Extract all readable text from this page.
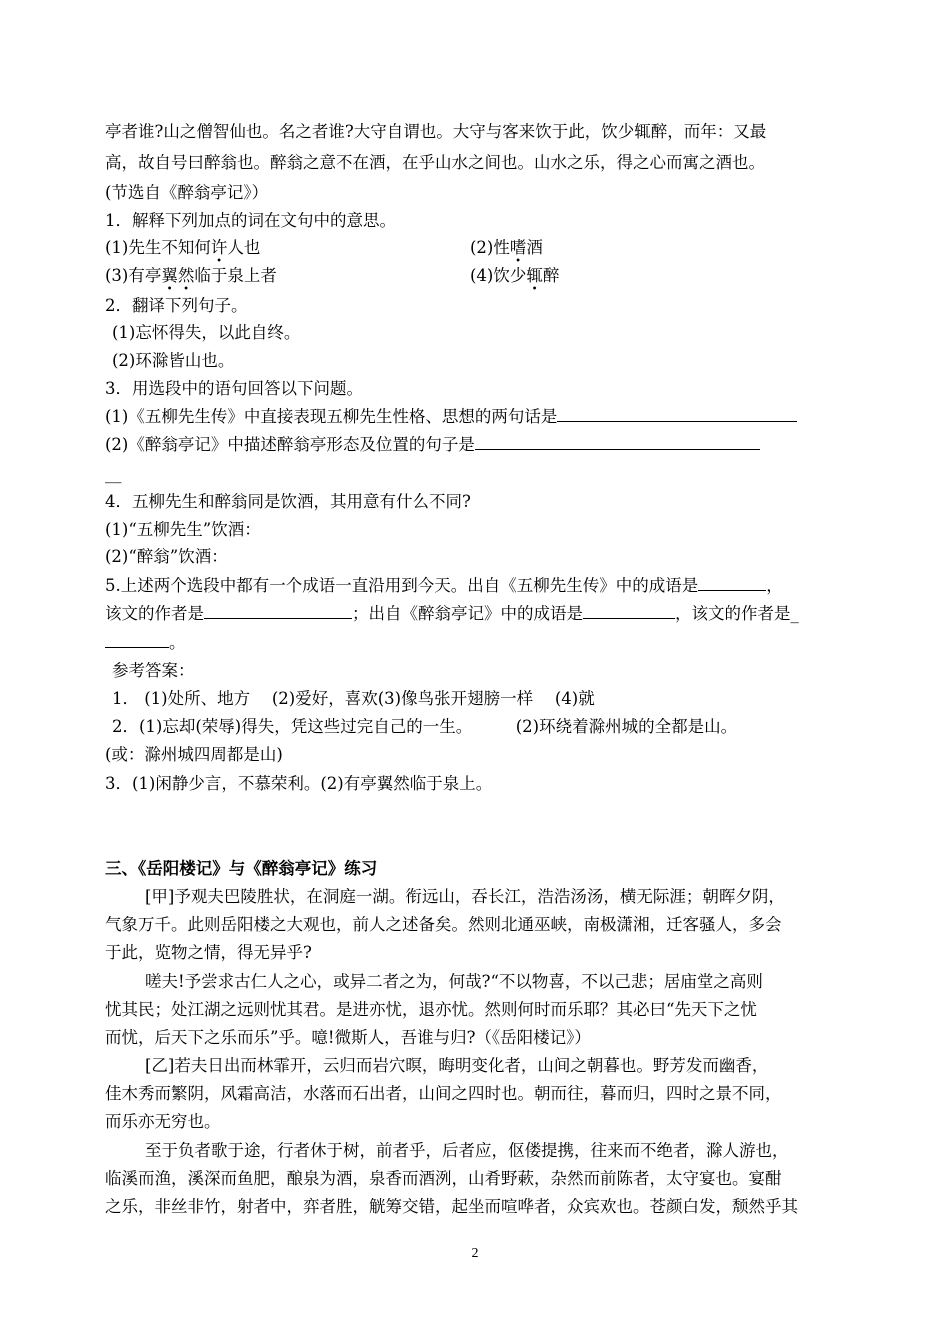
亭者谁?山之僧智仙也。名之者谁?大守自谓也。大守与客来饮于此，饮少辄醉，而年：又最
高，故自号曰醉翁也。醉翁之意不在酒，在乎山水之间也。山水之乐，得之心而寓之酒也。
(节选自《醉翁亭记》）
1．解释下列加点的词在文句中的意思。
(1)先生不知何许人也	(2)性嗜酒
(3)有亭翼然临于泉上者	(4)饮少辄醉
2．翻译下列句子。
(1)忘怀得失，以此自终。
(2)环滁皆山也。
3．用选段中的语句回答以下问题。
(1)《五柳先生传》中直接表现五柳先生性格、思想的两句话是
(2)《醉翁亭记》中描述醉翁亭形态及位置的句子是
__
4．五柳先生和醉翁同是饮酒，其用意有什么不同?
(1)“五柳先生”饮酒：
(2)“醉翁”饮酒：
5.上述两个选段中都有一个成语一直沿用到今天。出自《五柳先生传》中的成语是	，
该文的作者是	；出自《醉翁亭记》中的成语是	，该文的作者是_
。
参考答案：
1． (1)处所、地方 　(2)爱好，喜欢(3)像鸟张开翅膀一样 　(4)就
2．(1)忘却(荣辱)得失，凭这些过完自己的一生。 　　 (2)环绕着滁州城的全都是山。
(或：滁州城四周都是山)
3．(1)闲静少言，不慕荣利。(2)有亭翼然临于泉上。
三、《岳阳楼记》与《醉翁亭记》练习
[甲]予观夫巴陵胜状，在洞庭一湖。衔远山，吞长江，浩浩汤汤，横无际涯；朝晖夕阴，
气象万千。此则岳阳楼之大观也，前人之述备矣。然则北通巫峡，南极潇湘，迁客骚人，多会
于此，览物之情，得无异乎?
嗟夫!予尝求古仁人之心，或异二者之为，何哉?“不以物喜，不以己悲；居庙堂之高则
忧其民；处江湖之远则忧其君。是进亦忧，退亦忧。然则何时而乐耶？其必曰“先天下之忧
而忧，后天下之乐而乐”乎。噫!微斯人，吾谁与归?（《岳阳楼记》）
[乙]若夫日出而林霏开，云归而岩穴暝，晦明变化者，山间之朝暮也。野芳发而幽香，
佳木秀而繁阴，风霜高洁，水落而石出者，山间之四时也。朝而往，暮而归，四时之景不同，
而乐亦无穷也。
至于负者歌于途，行者休于树，前者乎，后者应，伛偻提携，往来而不绝者，滁人游也，
临溪而渔，溪深而鱼肥，酿泉为酒，泉香而酒洌，山肴野蔌，杂然而前陈者，太守宴也。宴酣
之乐，非丝非竹，射者中，弈者胜，觥筹交错，起坐而喧哗者，众宾欢也。苍颜白发，颓然乎其
2
